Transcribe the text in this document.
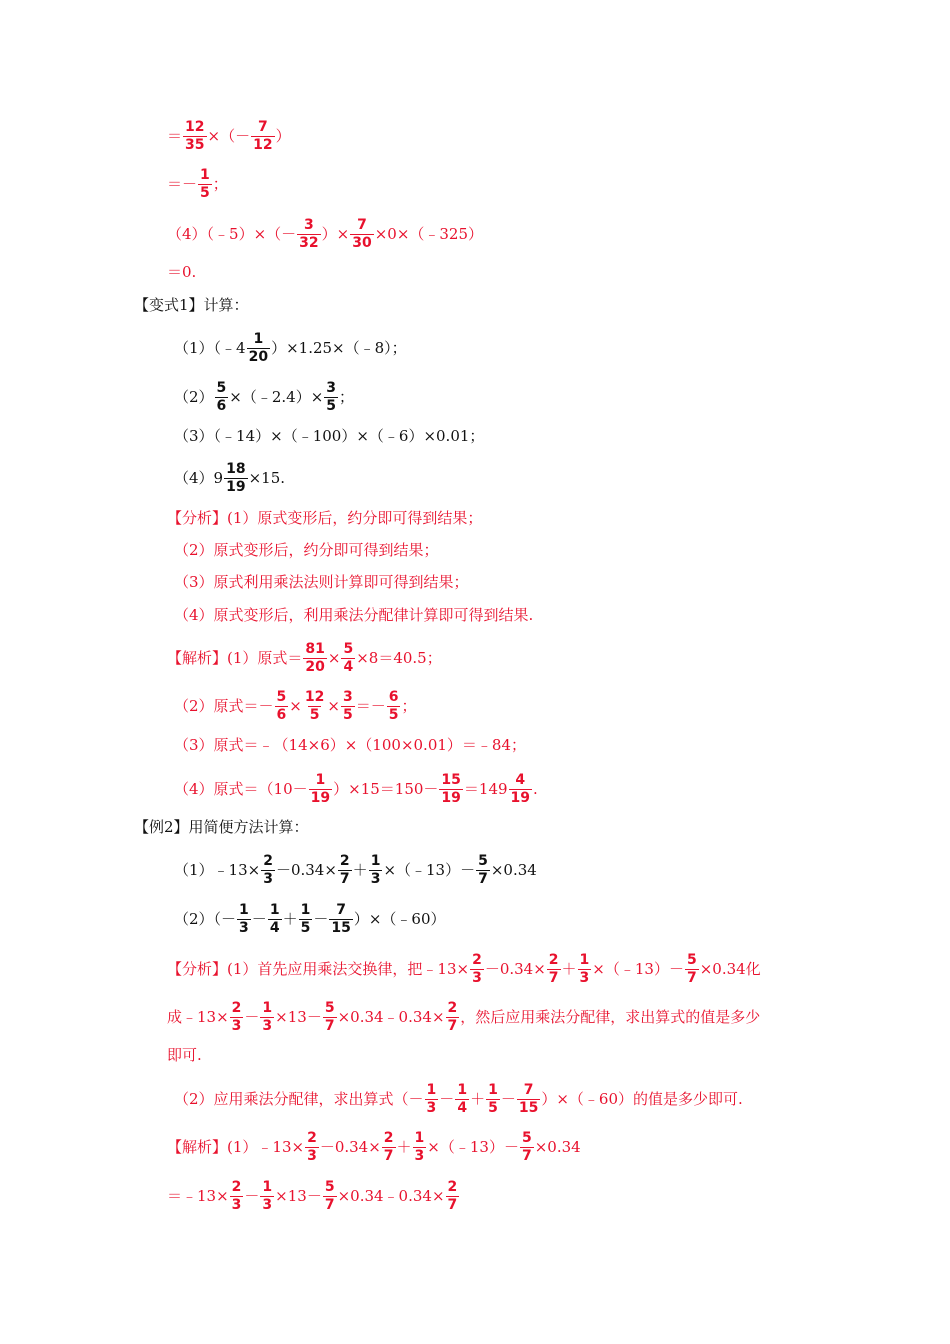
＝ $\frac{12}{35}$ ×（－ $\frac{7}{12}$ ）
＝－ $\frac{1}{5}$ ；
（4）（﹣5）×（－ $\frac{3}{32}$ ）× $\frac{7}{30}$ ×0×（﹣325）
＝0.
【变式1】计算：
（1）（﹣4 $\frac{1}{20}$ ）×1.25×（﹣8）；
$(2) \frac{5}{6}$ ×（﹣2.4）× $\frac{3}{5}$ ；
（3）（﹣14）×（﹣100）×（﹣6）×0.01；
$(4)9 \frac{18}{19} \times 15$.
【分析】(1）原式变形后，约分即可得到结果；
（2）原式变形后，约分即可得到结果；
（3）原式利用乘法法则计算即可得到结果；
（4）原式变形后，利用乘法分配律计算即可得到结果.
【解析】(1）原式＝ $\frac{81}{20} \times \frac{5}{4} \times 8=40.5$；
（2）原式＝－ $\frac{5}{6} \times \frac{12}{5} \times \frac{3}{5} =- \frac{6}{5}$ ；
（3）原式＝﹣（14×6）×（100×0.01）＝﹣84；
（4）原式$=(10- \frac{1}{19} )\times 15=150- \frac{15}{19} =149 \frac{4}{19}$ .
【例2】用简便方法计算：
（1）﹣13× $\frac{2}{3} -0.34\times \frac{2}{7} + \frac{1}{3}$ ×（﹣13）－ $\frac{5}{7} \times 0.34$
$(2)(- \frac{1}{3} - \frac{1}{4} + \frac{1}{5} - \frac{7}{15}$ ）×（﹣60）
【分析】(1）首先应用乘法交换律，把﹣13× $\frac{2}{3} -0.34\times \frac{2}{7} + \frac{1}{3}$ ×（﹣13）－ $\frac{5}{7} \times 0.34$化
成﹣13× $\frac{2}{3} - \frac{1}{3} \times 13- \frac{5}{7}$ ×0.34﹣0.34× $\frac{2}{7}$ ，然后应用乘法分配律，求出算式的值是多少
即可.
（2）应用乘法分配律，求出算式（－ $\frac{1}{3} - \frac{1}{4} + \frac{1}{5} - \frac{7}{15}$ ）×（﹣60）的值是多少即可.
【解析】(1）﹣13× $\frac{2}{3} -0.34\times \frac{2}{7} + \frac{1}{3}$ ×（﹣13）－ $\frac{5}{7} \times 0.34$
＝﹣13× $\frac{2}{3} - \frac{1}{3} \times 13- \frac{5}{7}$ ×0.34﹣0.34× $\frac{2}{7}$
